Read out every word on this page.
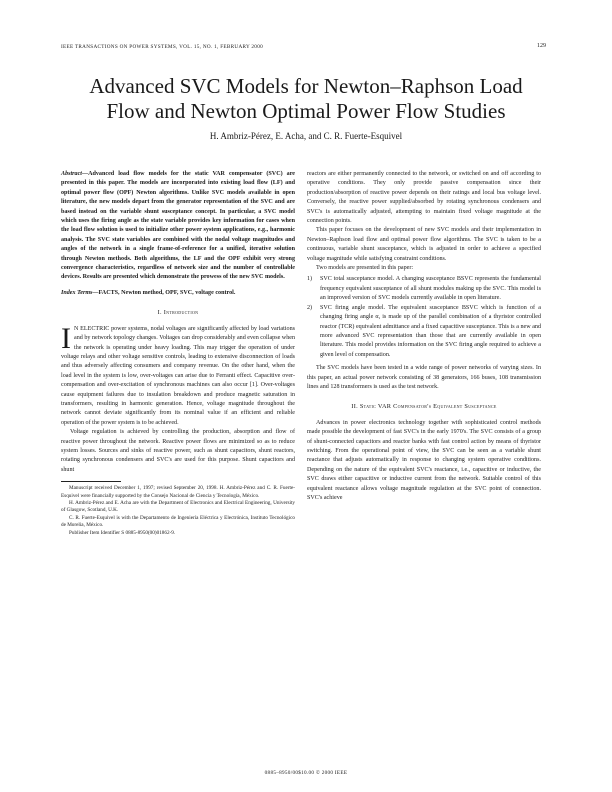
IEEE TRANSACTIONS ON POWER SYSTEMS, VOL. 15, NO. 1, FEBRUARY 2000	129
Advanced SVC Models for Newton–Raphson Load
Flow and Newton Optimal Power Flow Studies
H. Ambriz-Pérez, E. Acha, and C. R. Fuerte-Esquivel

Abstract—Advanced load flow models for the static VAR compensator (SVC) are presented in this paper. The models are incorporated into existing load flow (LF) and optimal power flow (OPF) Newton algorithms. Unlike SVC models available in open literature, the new models depart from the generator representation of the SVC and are based instead on the variable shunt susceptance concept. In particular, a SVC model which uses the firing angle as the state variable provides key information for cases when the load flow solution is used to initialize other power system applications, e.g., harmonic analysis. The SVC state variables are combined with the nodal voltage magnitudes and angles of the network in a single frame-of-reference for a unified, iterative solution through Newton methods. Both algorithms, the LF and the OPF exhibit very strong convergence characteristics, regardless of network size and the number of controllable devices. Results are presented which demonstrate the prowess of the new SVC models.

Index Terms—FACTS, Newton method, OPF, SVC, voltage control.

I. Introduction

I N ELECTRIC power systems, nodal voltages are significantly affected by load variations and by network topology changes. Voltages can drop considerably and even collapse when the network is operating under heavy loading. This may trigger the operation of under voltage relays and other voltage sensitive controls, leading to extensive disconnection of loads and thus adversely affecting consumers and company revenue. On the other hand, when the load level in the system is low, over-voltages can arise due to Ferranti effect. Capacitive over-compensation and over-excitation of synchronous machines can also occur [1]. Over-voltages cause equipment failures due to insulation breakdown and produce magnetic saturation in transformers, resulting in harmonic generation. Hence, voltage magnitude throughout the network cannot deviate significantly from its nominal value if an efficient and reliable operation of the power system is to be achieved.

Voltage regulation is achieved by controlling the production, absorption and flow of reactive power throughout the network. Reactive power flows are minimized so as to reduce system losses. Sources and sinks of reactive power, such as shunt capacitors, shunt reactors, rotating synchronous condensers and SVC's are used for this purpose. Shunt capacitors and shunt

Manuscript received December 1, 1997; revised September 20, 1998. H. Ambriz-Pérez and C. R. Fuerte-Esquivel were financially supported by the Consejo Nacional de Ciencia y Tecnología, México.

H. Ambriz-Pérez and E. Acha are with the Department of Electronics and Electrical Engineering, University of Glasgow, Scotland, U.K.

C. R. Fuerte-Esquivel is with the Departamento de Ingeniería Eléctrica y Electrónica, Instituto Tecnológico de Morelia, México.

Publisher Item Identifier S 0885-8950(00)01862-9.

reactors are either permanently connected to the network, or switched on and off according to operative conditions. They only provide passive compensation since their production/absorption of reactive power depends on their ratings and local bus voltage level. Conversely, the reactive power supplied/absorbed by rotating synchronous condensers and SVC's is automatically adjusted, attempting to maintain fixed voltage magnitude at the connection points.

This paper focuses on the development of new SVC models and their implementation in Newton–Raphson load flow and optimal power flow algorithms. The SVC is taken to be a continuous, variable shunt susceptance, which is adjusted in order to achieve a specified voltage magnitude while satisfying constraint conditions.

Two models are presented in this paper:

1)	SVC total susceptance model. A changing susceptance BSVC represents the fundamental frequency equivalent susceptance of all shunt modules making up the SVC. This model is an improved version of SVC models currently available in open literature.
2)	SVC firing angle model. The equivalent susceptance BSVC which is function of a changing firing angle α, is made up of the parallel combination of a thyristor controlled reactor (TCR) equivalent admittance and a fixed capacitive susceptance. This is a new and more advanced SVC representation than those that are currently available in open literature. This model provides information on the SVC firing angle required to achieve a given level of compensation.

The SVC models have been tested in a wide range of power networks of varying sizes. In this paper, an actual power network consisting of 38 generators, 166 buses, 108 transmission lines and 128 transformers is used as the test network.

II. Static VAR Compensator's Equivalent Susceptance

Advances in power electronics technology together with sophisticated control methods made possible the development of fast SVC's in the early 1970's. The SVC consists of a group of shunt-connected capacitors and reactor banks with fast control action by means of thyristor switching. From the operational point of view, the SVC can be seen as a variable shunt reactance that adjusts automatically in response to changing system operative conditions. Depending on the nature of the equivalent SVC's reactance, i.e., capacitive or inductive, the SVC draws either capacitive or inductive current from the network. Suitable control of this equivalent reactance allows voltage magnitude regulation at the SVC point of connection. SVC's achieve

0885–8950/00$10.00 © 2000 IEEE
